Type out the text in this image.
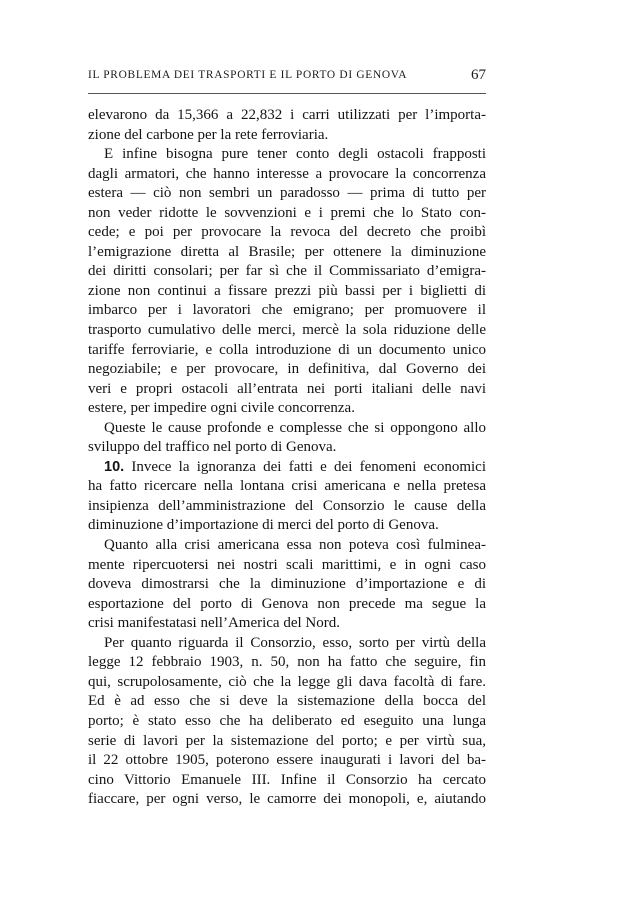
IL PROBLEMA DEI TRASPORTI E IL PORTO DI GENOVA	67
elevarono da 15,366 a 22,832 i carri utilizzati per l’importa-
zione del carbone per la rete ferroviaria.
E infine bisogna pure tener conto degli ostacoli frapposti
dagli armatori, che hanno interesse a provocare la concorrenza
estera — ciò non sembri un paradosso — prima di tutto per
non veder ridotte le sovvenzioni e i premi che lo Stato con-
cede; e poi per provocare la revoca del decreto che proibì
l’emigrazione diretta al Brasile; per ottenere la diminuzione
dei diritti consolari; per far sì che il Commissariato d’emigra-
zione non continui a fissare prezzi più bassi per i biglietti di
imbarco per i lavoratori che emigrano; per promuovere il
trasporto cumulativo delle merci, mercè la sola riduzione delle
tariffe ferroviarie, e colla introduzione di un documento unico
negoziabile; e per provocare, in definitiva, dal Governo dei
veri e propri ostacoli all’entrata nei porti italiani delle navi
estere, per impedire ogni civile concorrenza.
Queste le cause profonde e complesse che si oppongono allo
sviluppo del traffico nel porto di Genova.
10. Invece la ignoranza dei fatti e dei fenomeni economici
ha fatto ricercare nella lontana crisi americana e nella pretesa
insipienza dell’amministrazione del Consorzio le cause della
diminuzione d’importazione di merci del porto di Genova.
Quanto alla crisi americana essa non poteva così fulminea-
mente ripercuotersi nei nostri scali marittimi, e in ogni caso
doveva dimostrarsi che la diminuzione d’importazione e di
esportazione del porto di Genova non precede ma segue la
crisi manifestatasi nell’America del Nord.
Per quanto riguarda il Consorzio, esso, sorto per virtù della
legge 12 febbraio 1903, n. 50, non ha fatto che seguire, fin
qui, scrupolosamente, ciò che la legge gli dava facoltà di fare.
Ed è ad esso che si deve la sistemazione della bocca del
porto; è stato esso che ha deliberato ed eseguito una lunga
serie di lavori per la sistemazione del porto; e per virtù sua,
il 22 ottobre 1905, poterono essere inaugurati i lavori del ba-
cino Vittorio Emanuele III. Infine il Consorzio ha cercato
fiaccare, per ogni verso, le camorre dei monopoli, e, aiutando
